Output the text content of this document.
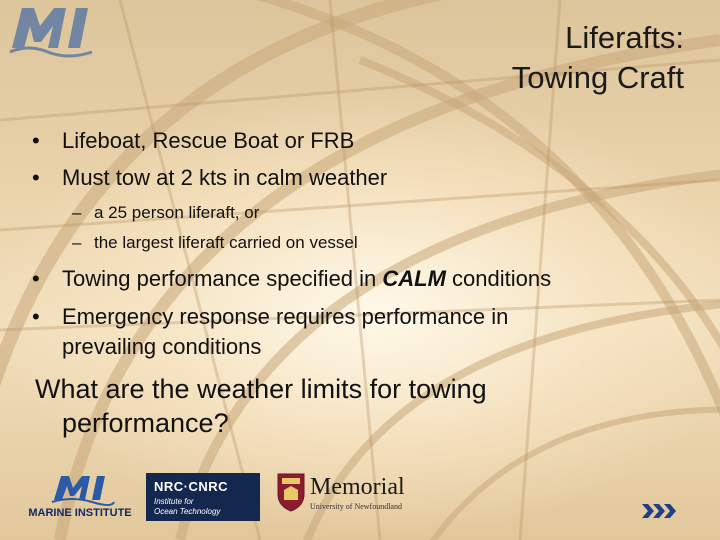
Liferafts:
Towing Craft
• Lifeboat, Rescue Boat or FRB
• Must tow at 2 kts in calm weather
– a 25 person liferaft, or
– the largest liferaft carried on vessel
• Towing performance specified in CALM conditions
• Emergency response requires performance in
prevailing conditions
What are the weather limits for towing
performance?
MARINE INSTITUTE
NRC·CNRC
Institute for
Ocean Technology
Memorial
University of Newfoundland
